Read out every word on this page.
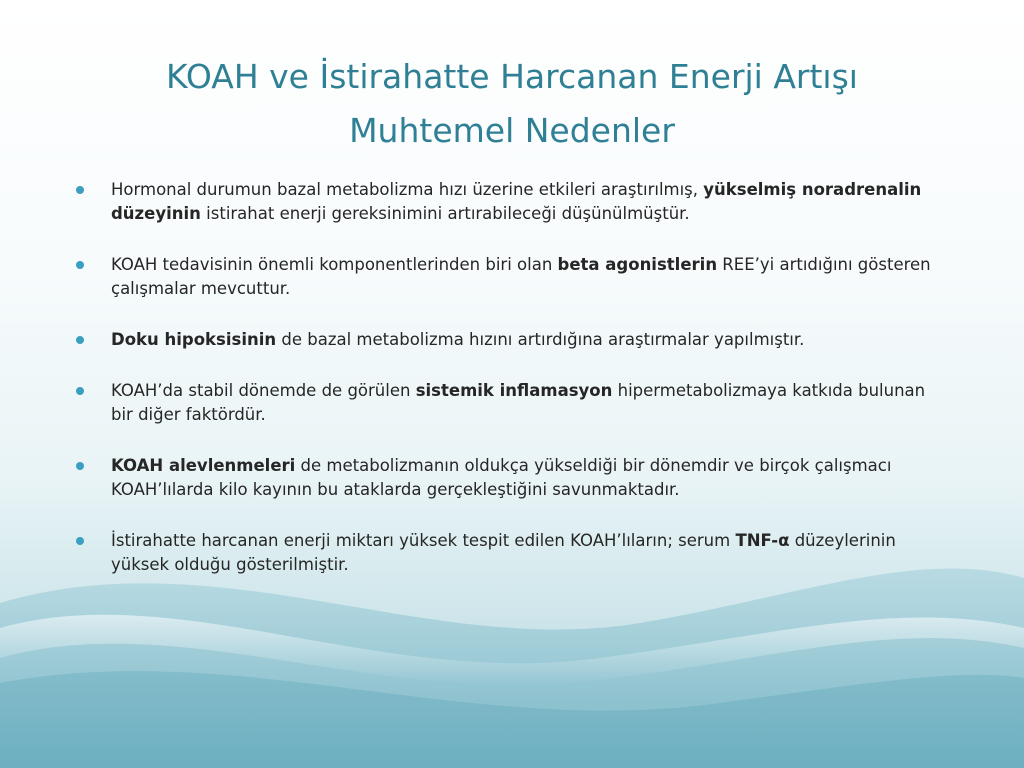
KOAH ve İstirahatte Harcanan Enerji Artışı
Muhtemel Nedenler
Hormonal durumun bazal metabolizma hızı üzerine etkileri araştırılmış, yükselmiş noradrenalin düzeyinin istirahat enerji gereksinimini artırabileceği düşünülmüştür.
KOAH tedavisinin önemli komponentlerinden biri olan beta agonistlerin REE’yi artıdığını gösteren çalışmalar mevcuttur.
Doku hipoksisinin de bazal metabolizma hızını artırdığına araştırmalar yapılmıştır.
KOAH’da stabil dönemde de görülen sistemik inflamasyon hipermetabolizmaya katkıda bulunan bir diğer faktördür.
KOAH alevlenmeleri de metabolizmanın oldukça yükseldiği bir dönemdir ve birçok çalışmacı KOAH’lılarda kilo kayının bu ataklarda gerçekleştiğini savunmaktadır.
İstirahatte harcanan enerji miktarı yüksek tespit edilen KOAH’lıların; serum TNF-α düzeylerinin yüksek olduğu gösterilmiştir.
